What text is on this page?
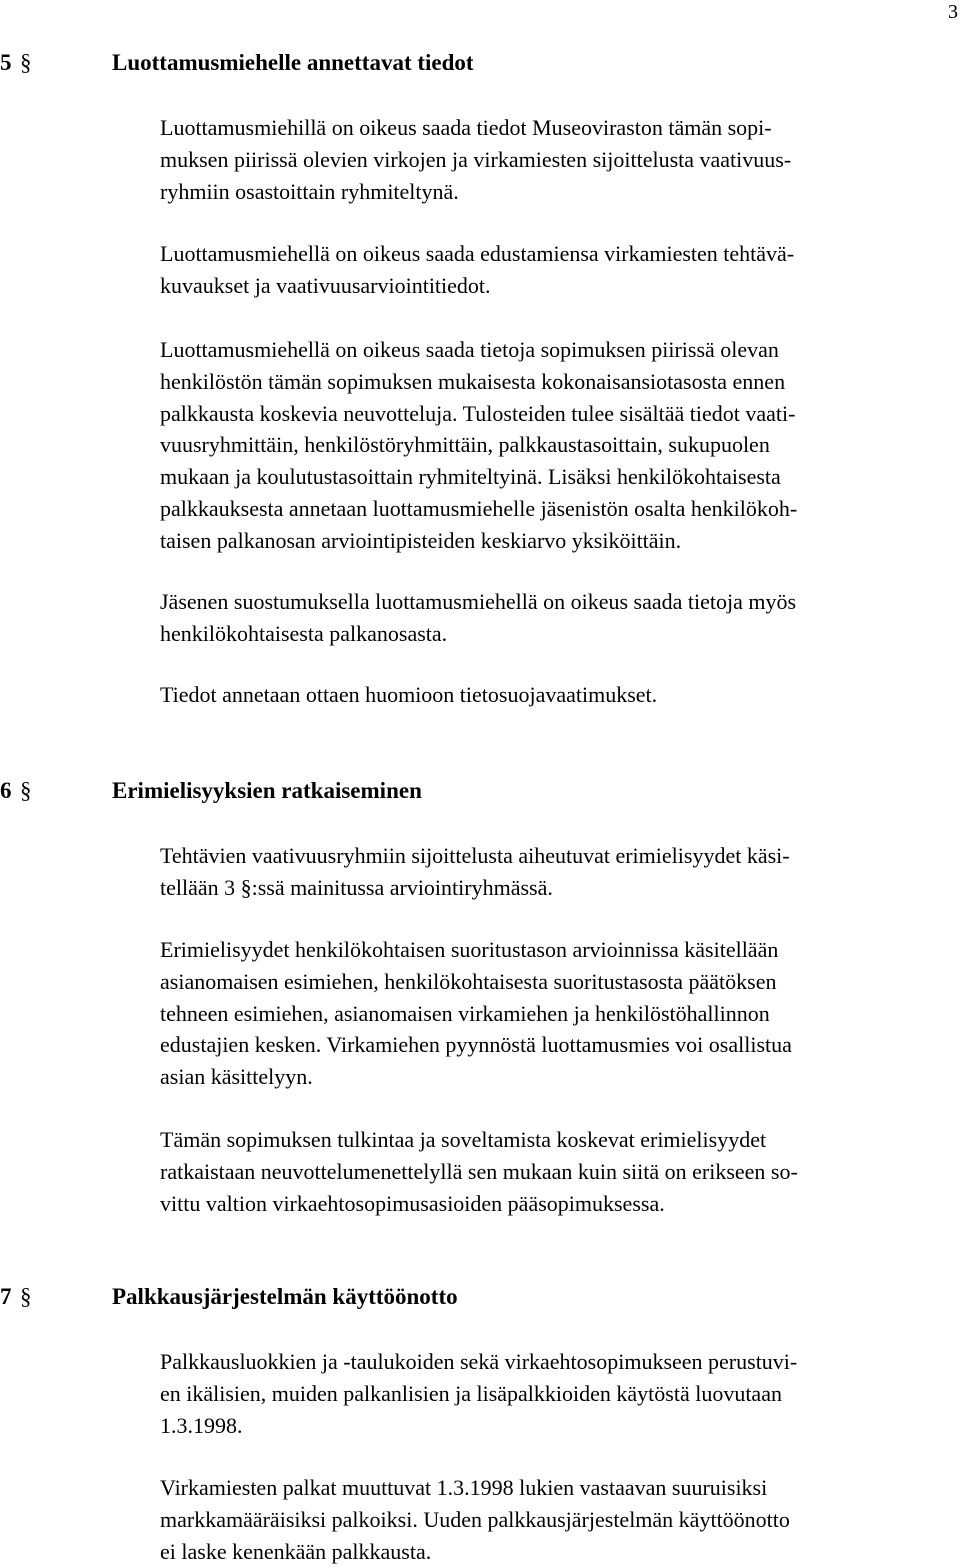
3
5 §	Luottamusmiehelle annettavat tiedot
Luottamusmiehillä on oikeus saada tiedot Museoviraston tämän sopi-
muksen piirissä olevien virkojen ja virkamiesten sijoittelusta vaativuus-
ryhmiin osastoittain ryhmiteltynä.
Luottamusmiehellä on oikeus saada edustamiensa virkamiesten tehtävä-
kuvaukset ja vaativuusarviointitiedot.
Luottamusmiehellä on oikeus saada tietoja sopimuksen piirissä olevan
henkilöstön tämän sopimuksen mukaisesta kokonaisansiotasosta ennen
palkkausta koskevia neuvotteluja. Tulosteiden tulee sisältää tiedot vaati-
vuusryhmittäin, henkilöstöryhmittäin, palkkaustasoittain, sukupuolen
mukaan ja koulutustasoittain ryhmiteltyinä. Lisäksi henkilökohtaisesta
palkkauksesta annetaan luottamusmiehelle jäsenistön osalta henkilökoh-
taisen palkanosan arviointipisteiden keskiarvo yksiköittäin.
Jäsenen suostumuksella luottamusmiehellä on oikeus saada tietoja myös
henkilökohtaisesta palkanosasta.
Tiedot annetaan ottaen huomioon tietosuojavaatimukset.
6 §	Erimielisyyksien ratkaiseminen
Tehtävien vaativuusryhmiin sijoittelusta aiheutuvat erimielisyydet käsi-
tellään 3 §:ssä mainitussa arviointiryhmässä.
Erimielisyydet henkilökohtaisen suoritustason arvioinnissa käsitellään
asianomaisen esimiehen, henkilökohtaisesta suoritustasosta päätöksen
tehneen esimiehen, asianomaisen virkamiehen ja henkilöstöhallinnon
edustajien kesken. Virkamiehen pyynnöstä luottamusmies voi osallistua
asian käsittelyyn.
Tämän sopimuksen tulkintaa ja soveltamista koskevat erimielisyydet
ratkaistaan neuvottelumenettelyllä sen mukaan kuin siitä on erikseen so-
vittu valtion virkaehtosopimusasioiden pääsopimuksessa.
7 §	Palkkausjärjestelmän käyttöönotto
Palkkausluokkien ja -taulukoiden sekä virkaehtosopimukseen perustuvi-
en ikälisien, muiden palkanlisien ja lisäpalkkioiden käytöstä luovutaan
1.3.1998.
Virkamiesten palkat muuttuvat 1.3.1998 lukien vastaavan suuruisiksi
markkamääräisiksi palkoiksi. Uuden palkkausjärjestelmän käyttöönotto
ei laske kenenkään palkkausta.
